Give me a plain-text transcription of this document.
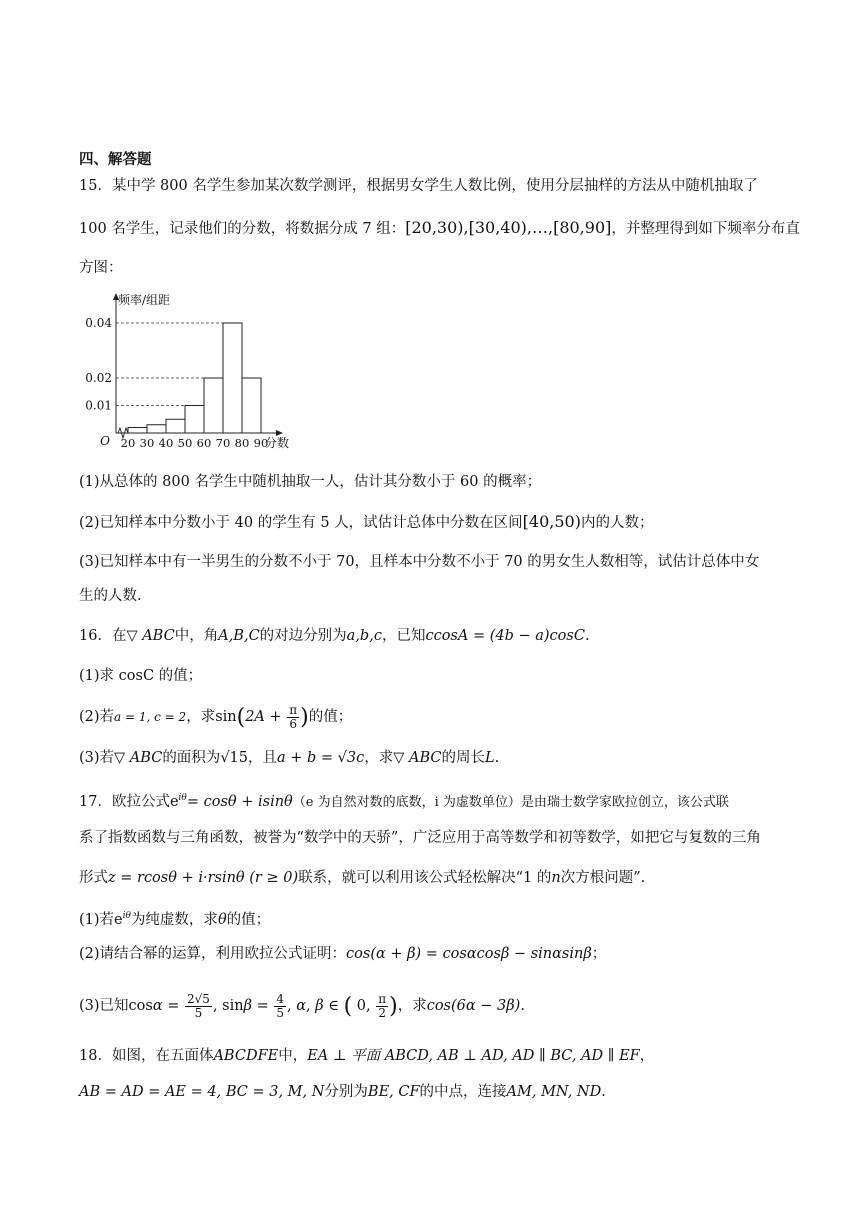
四、解答题
15．某中学 800 名学生参加某次数学测评，根据男女学生人数比例，使用分层抽样的方法从中随机抽取了
100 名学生，记录他们的分数，将数据分成 7 组：[20,30),[30,40),…,[80,90]，并整理得到如下频率分布直
方图：
0.04
0.02
0.01
20 30 40 50 60 70 80 90
O
频率/组距
分数
(1)从总体的 800 名学生中随机抽取一人，估计其分数小于 60 的概率；
(2)已知样本中分数小于 40 的学生有 5 人，试估计总体中分数在区间[40,50)内的人数；
(3)已知样本中有一半男生的分数不小于 70，且样本中分数不小于 70 的男女生人数相等，试估计总体中女
生的人数.
16．在▽ ABC中，角A,B,C的对边分别为a,b,c，已知ccosA = (4b − a)cosC.
(1)求 cosC 的值；
(2)若a = 1, c = 2，求$\sin(2A + \frac{\pi}{6}$ )的值；
(3)若▽ ABC的面积为√15，且a + b = √3c，求▽ ABC的周长L.
17．欧拉公式$e^{i\theta}= \cos\theta + isin\theta(e$ 为自然对数的底数，i 为虚数单位）是由瑞士数学家欧拉创立，该公式联
系了指数函数与三角函数，被誉为“数学中的天骄”，广泛应用于高等数学和初等数学，如把它与复数的三角
形式z = rcosθ + i·rsinθ (r ≥ 0)联系，就可以利用该公式轻松解决“1 的n次方根问题”.
(1)若$e^{i\theta}$为纯虚数，求θ的值；
(2)请结合幂的运算，利用欧拉公式证明：cos(α + β) = cosαcosβ − sinαsinβ；
(3)已知$\cos\alpha = \frac{2√5}{5}$ , $\sin\beta = \frac{4}{5}$ , α, β ∈ ( 0, $\frac{\pi}{2}$ )，求cos(6α − 3β).
18．如图，在五面体ABCDFE中，EA ⊥ 平面 ABCD, AB ⊥ AD, AD ∥ BC, AD ∥ EF，
AB = AD = AE = 4, BC = 3, M, N分别为BE, CF的中点，连接AM, MN, ND.
